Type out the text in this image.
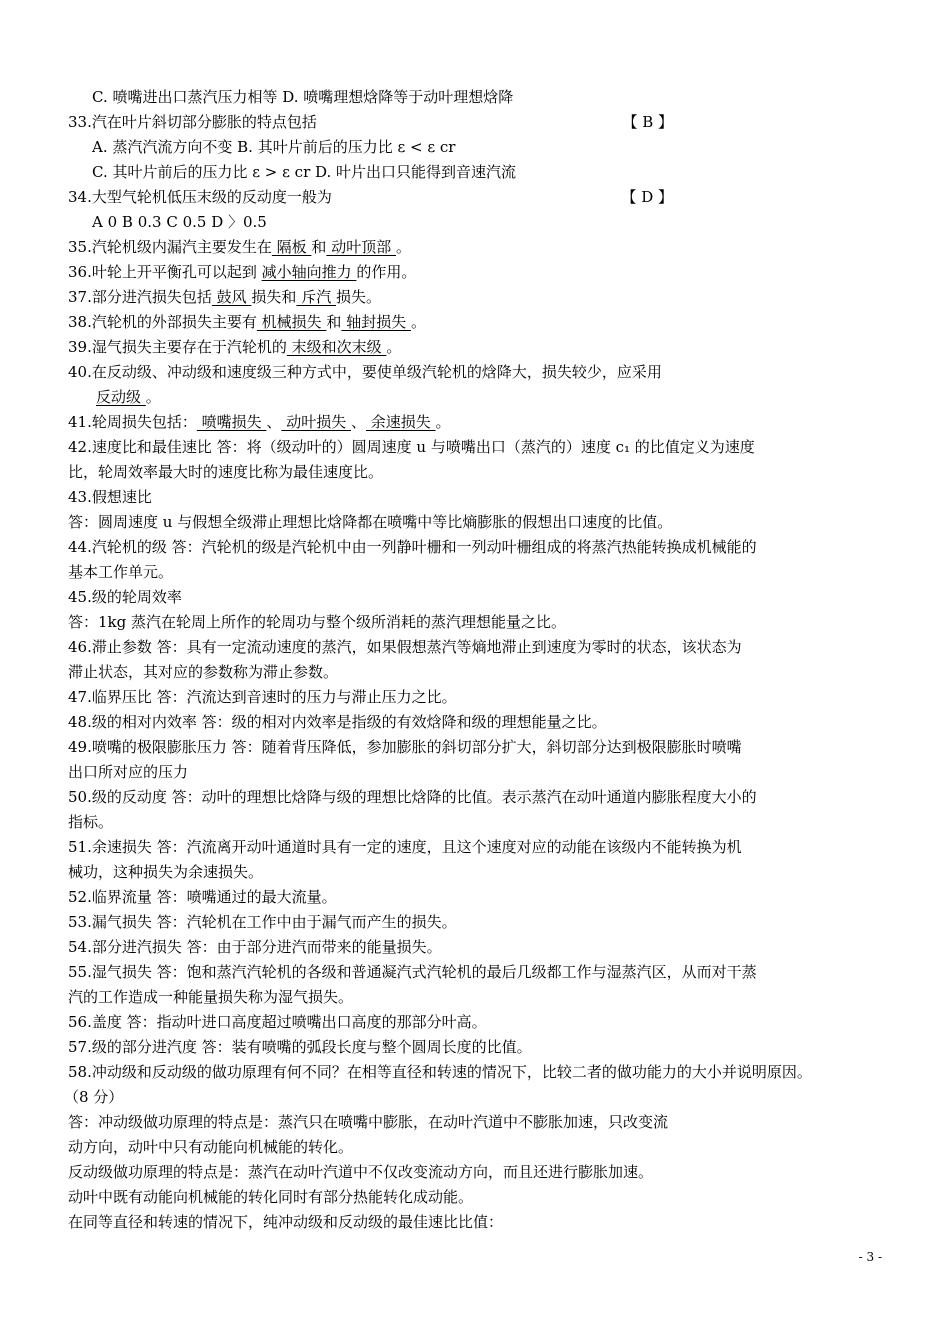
C. 喷嘴进出口蒸汽压力相等 D. 喷嘴理想焓降等于动叶理想焓降
33.汽在叶片斜切部分膨胀的特点包括	【 B 】
A. 蒸汽汽流方向不变 B. 其叶片前后的压力比 ε < ε cr
C. 其叶片前后的压力比 ε > ε cr D. 叶片出口只能得到音速汽流
34.大型气轮机低压末级的反动度一般为	【 D 】
A 0 B 0.3 C 0.5 D 〉0.5
35.汽轮机级内漏汽主要发生在 隔板 和 动叶顶部 。
36.叶轮上开平衡孔可以起到 减小轴向推力 的作用。
37.部分进汽损失包括 鼓风 损失和 斥汽 损失。
38.汽轮机的外部损失主要有 机械损失 和 轴封损失 。
39.湿气损失主要存在于汽轮机的 末级和次末级 。
40.在反动级、冲动级和速度级三种方式中，要使单级汽轮机的焓降大，损失较少，应采用
反动级 。
41.轮周损失包括： 喷嘴损失 、 动叶损失 、 余速损失 。
42.速度比和最佳速比 答：将（级动叶的）圆周速度 u 与喷嘴出口（蒸汽的）速度 c₁ 的比值定义为速度
比，轮周效率最大时的速度比称为最佳速度比。
43.假想速比
答：圆周速度 u 与假想全级滞止理想比焓降都在喷嘴中等比熵膨胀的假想出口速度的比值。
44.汽轮机的级 答：汽轮机的级是汽轮机中由一列静叶栅和一列动叶栅组成的将蒸汽热能转换成机械能的
基本工作单元。
45.级的轮周效率
答：1kg 蒸汽在轮周上所作的轮周功与整个级所消耗的蒸汽理想能量之比。
46.滞止参数 答：具有一定流动速度的蒸汽，如果假想蒸汽等熵地滞止到速度为零时的状态，该状态为
滞止状态，其对应的参数称为滞止参数。
47.临界压比 答：汽流达到音速时的压力与滞止压力之比。
48.级的相对内效率 答：级的相对内效率是指级的有效焓降和级的理想能量之比。
49.喷嘴的极限膨胀压力 答：随着背压降低，参加膨胀的斜切部分扩大，斜切部分达到极限膨胀时喷嘴
出口所对应的压力
50.级的反动度 答：动叶的理想比焓降与级的理想比焓降的比值。表示蒸汽在动叶通道内膨胀程度大小的
指标。
51.余速损失 答：汽流离开动叶通道时具有一定的速度，且这个速度对应的动能在该级内不能转换为机
械功，这种损失为余速损失。
52.临界流量 答：喷嘴通过的最大流量。
53.漏气损失 答：汽轮机在工作中由于漏气而产生的损失。
54.部分进汽损失 答：由于部分进汽而带来的能量损失。
55.湿气损失 答：饱和蒸汽汽轮机的各级和普通凝汽式汽轮机的最后几级都工作与湿蒸汽区，从而对干蒸
汽的工作造成一种能量损失称为湿气损失。
56.盖度 答：指动叶进口高度超过喷嘴出口高度的那部分叶高。
57.级的部分进汽度 答：装有喷嘴的弧段长度与整个圆周长度的比值。
58.冲动级和反动级的做功原理有何不同？在相等直径和转速的情况下，比较二者的做功能力的大小并说明原因。
（8 分）
答：冲动级做功原理的特点是：蒸汽只在喷嘴中膨胀，在动叶汽道中不膨胀加速，只改变流
动方向，动叶中只有动能向机械能的转化。
反动级做功原理的特点是：蒸汽在动叶汽道中不仅改变流动方向，而且还进行膨胀加速。
动叶中既有动能向机械能的转化同时有部分热能转化成动能。
在同等直径和转速的情况下，纯冲动级和反动级的最佳速比比值：
- 3 -
